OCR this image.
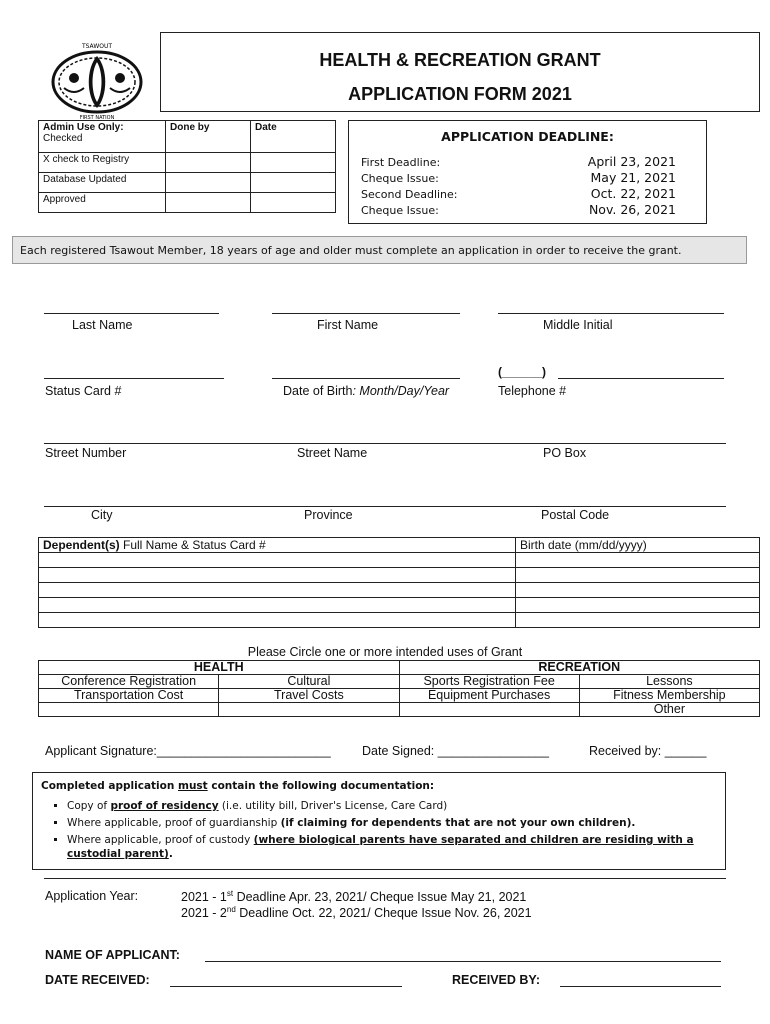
TSAWOUT
FIRST NATION
HEALTH & RECREATION GRANT
APPLICATION FORM 2021
Admin Use Only:
Checked	Done by	Date
X check to Registry		
Database Updated		
Approved		
APPLICATION DEADLINE:
First Deadline:	April 23, 2021
Cheque Issue:	May 21, 2021
Second Deadline:	Oct. 22, 2021
Cheque Issue:	Nov. 26, 2021
Each registered Tsawout Member, 18 years of age and older must complete an application in order to receive the grant.
Last Name	First Name	Middle Initial
(______)
Status Card #	Date of Birth: Month/Day/Year	Telephone #
Street Number	Street Name	PO Box
City	Province	Postal Code
Dependent(s) Full Name & Status Card #	Birth date (mm/dd/yyyy)

Please Circle one or more intended uses of Grant
HEALTH		RECREATION	
Conference Registration	Cultural	Sports Registration Fee	Lessons
Transportation Cost	Travel Costs	Equipment Purchases	Fitness Membership
			Other
Applicant Signature:_________________________	Date Signed: ________________	Received by: ______
Completed application must contain the following documentation:
▪ Copy of proof of residency (i.e. utility bill, Driver's License, Care Card)
▪ Where applicable, proof of guardianship (if claiming for dependents that are not your own children).
▪ Where applicable, proof of custody (where biological parents have separated and children are residing with a custodial parent).
Application Year:	2021 - 1st Deadline Apr. 23, 2021/ Cheque Issue May 21, 2021
2021 - 2nd Deadline Oct. 22, 2021/ Cheque Issue Nov. 26, 2021
NAME OF APPLICANT:
DATE RECEIVED:	RECEIVED BY:
